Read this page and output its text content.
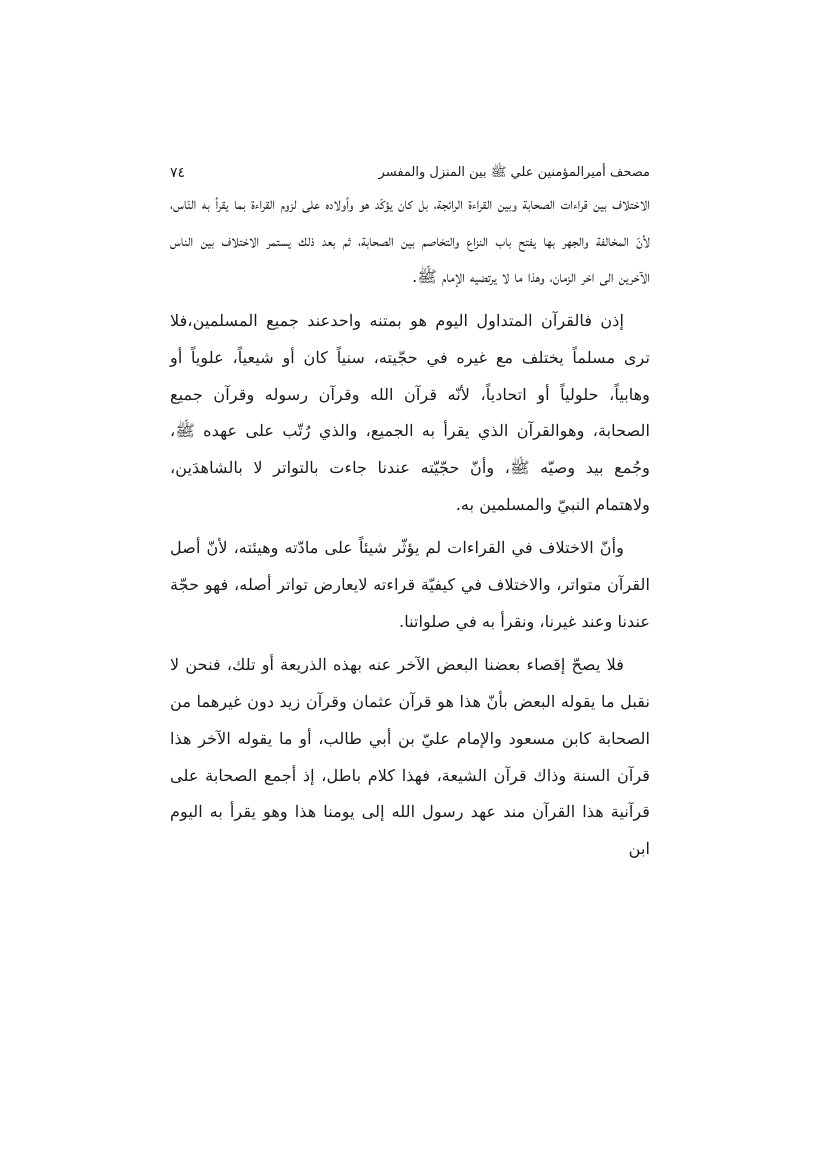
مصحف أميرالمؤمنين علي ﷺ بين المنزل والمفسر
٧٤

الاختلاف بين قراءات الصحابة وبين القراءة الرائجة، بل كان يؤكّد هو وأولاده على لزوم القراءة بما يقرأ به النّاس، لأنّ المخالفة والجهر بها يفتح باب النزاع والتخاصم بين الصحابة، ثم بعد ذلك يستمر الاختلاف بين الناس الآخرين الى اخر الزمان، وهذا ما لا يرتضيه الإمام ﷺ.

إذن فالقرآن المتداول اليوم هو بمتنه واحدعند جميع المسلمين،فلا ترى مسلماً يختلف مع غيره في حجّيته، سنياً كان أو شيعياً، علوياً أو وهابياً، حلولياً أو اتحادياً، لأنّه قرآن الله وقرآن رسوله وقرآن جميع الصحابة، وهوالقرآن الذي يقرأ به الجميع، والذي رُتّب على عهده ﷺ، وجُمع بيد وصيّه ﷺ، وأنّ حجّيّته عندنا جاءت بالتواتر لا بالشاهدَين، ولاهتمام النبيّ والمسلمين به.

وأنّ الاختلاف في القراءات لم يؤثّر شيئاً على مادّته وهيئته، لأنّ أصل القرآن متواتر، والاختلاف في كيفيّة قراءته لايعارض تواتر أصله، فهو حجّة عندنا وعند غيرنا، ونقرأ به في صلواتنا.

فلا يصحّ إقصاء بعضنا البعض الآخر عنه بهذه الذريعة أو تلك، فنحن لا نقبل ما يقوله البعض بأنّ هذا هو قرآن عثمان وقرآن زيد دون غيرهما من الصحابة كابن مسعود والإمام عليّ بن أبي طالب، أو ما يقوله الآخر هذا قرآن السنة وذاك قرآن الشيعة، فهذا كلام باطل، إذ أجمع الصحابة على قرآنية هذا القرآن مند عهد رسول الله إلى يومنا هذا وهو يقرأ به اليوم ابن
